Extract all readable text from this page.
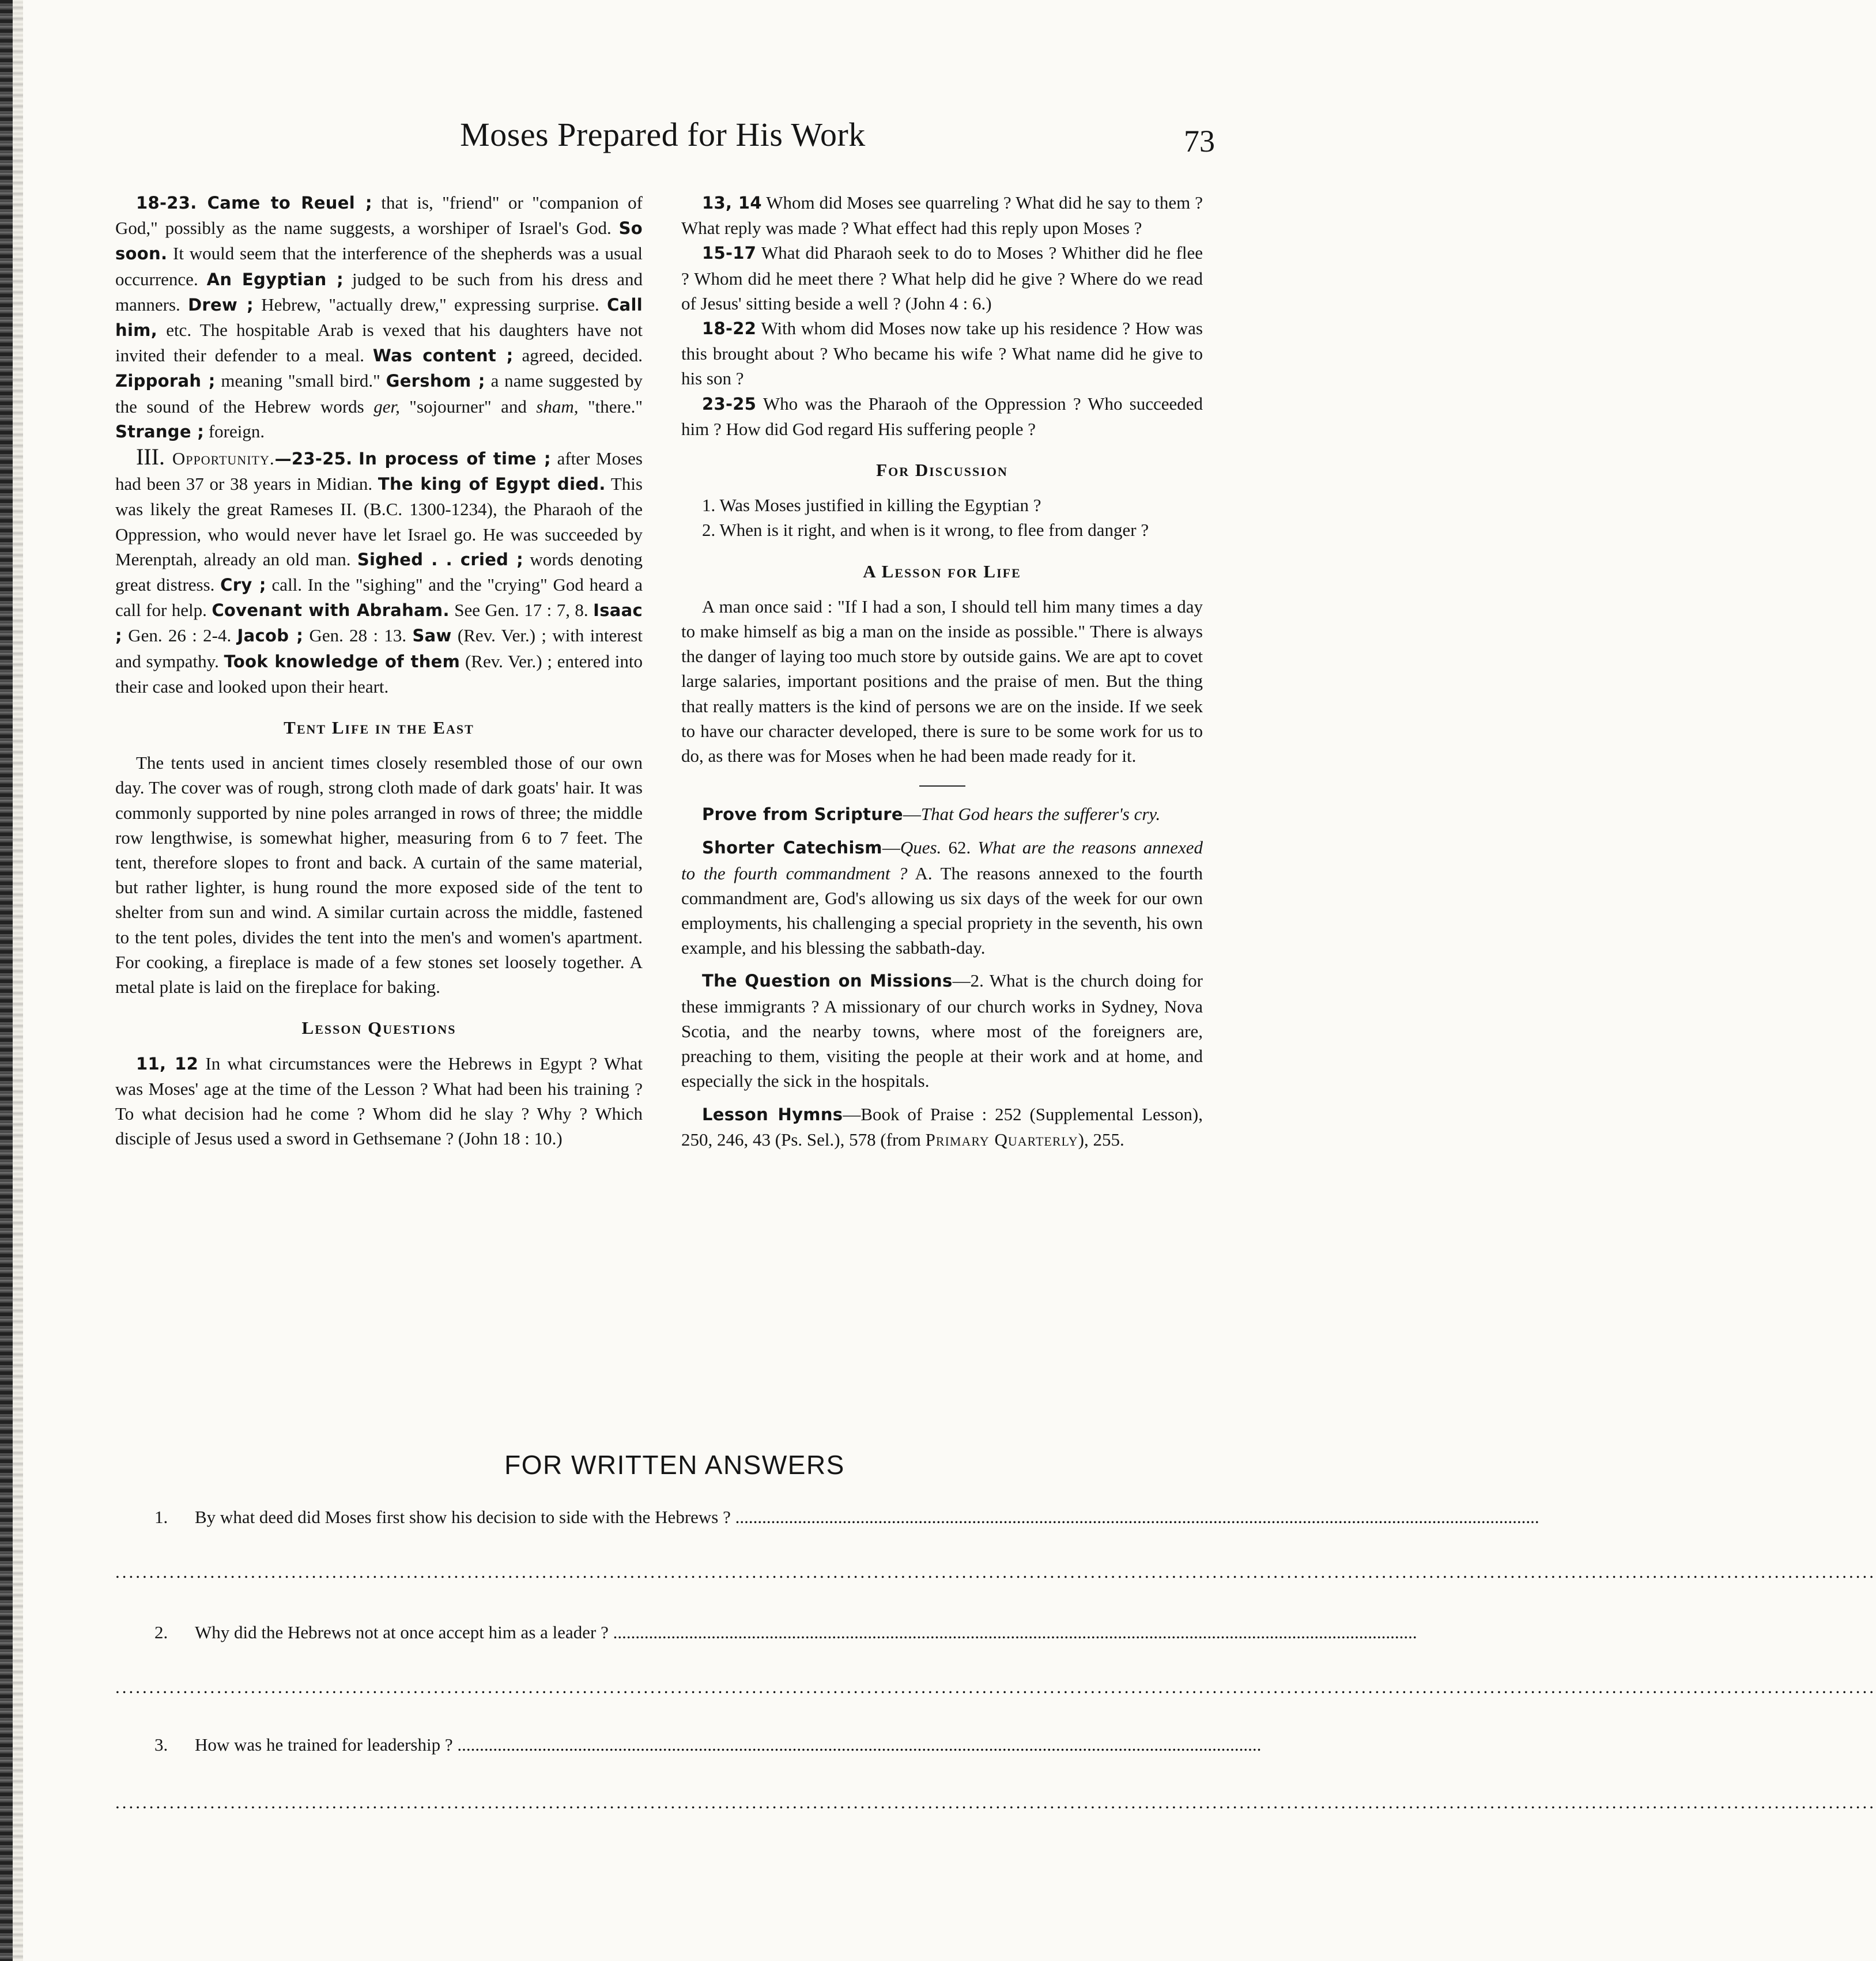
Moses Prepared for His Work	73

18-23. Came to Reuel ; that is, "friend" or "companion of God," possibly as the name suggests, a worshiper of Israel's God. So soon. It would seem that the interference of the shepherds was a usual occurrence. An Egyptian ; judged to be such from his dress and manners. Drew ; Hebrew, "actually drew," expressing surprise. Call him, etc. The hospitable Arab is vexed that his daughters have not invited their defender to a meal. Was content ; agreed, decided. Zipporah ; meaning "small bird." Gershom ; a name suggested by the sound of the Hebrew words ger, "sojourner" and sham, "there." Strange ; foreign.

III. Opportunity.—23-25. In process of time ; after Moses had been 37 or 38 years in Midian. The king of Egypt died. This was likely the great Rameses II. (B.C. 1300-1234), the Pharaoh of the Oppression, who would never have let Israel go. He was succeeded by Merenptah, already an old man. Sighed . . cried ; words denoting great distress. Cry ; call. In the "sighing" and the "crying" God heard a call for help. Covenant with Abraham. See Gen. 17 : 7, 8. Isaac ; Gen. 26 : 2-4. Jacob ; Gen. 28 : 13. Saw (Rev. Ver.) ; with interest and sympathy. Took knowledge of them (Rev. Ver.) ; entered into their case and looked upon their heart.

Tent Life in the East

The tents used in ancient times closely resembled those of our own day. The cover was of rough, strong cloth made of dark goats' hair. It was commonly supported by nine poles arranged in rows of three; the middle row lengthwise, is somewhat higher, measuring from 6 to 7 feet. The tent, therefore slopes to front and back. A curtain of the same material, but rather lighter, is hung round the more exposed side of the tent to shelter from sun and wind. A similar curtain across the middle, fastened to the tent poles, divides the tent into the men's and women's apartment. For cooking, a fireplace is made of a few stones set loosely together. A metal plate is laid on the fireplace for baking.

Lesson Questions

11, 12 In what circumstances were the Hebrews in Egypt ? What was Moses' age at the time of the Lesson ? What had been his training ? To what decision had he come ? Whom did he slay ? Why ? Which disciple of Jesus used a sword in Gethsemane ? (John 18 : 10.)

13, 14 Whom did Moses see quarreling ? What did he say to them ? What reply was made ? What effect had this reply upon Moses ?

15-17 What did Pharaoh seek to do to Moses ? Whither did he flee ? Whom did he meet there ? What help did he give ? Where do we read of Jesus' sitting beside a well ? (John 4 : 6.)

18-22 With whom did Moses now take up his residence ? How was this brought about ? Who became his wife ? What name did he give to his son ?

23-25 Who was the Pharaoh of the Oppression ? Who succeeded him ? How did God regard His suffering people ?

For Discussion

1. Was Moses justified in killing the Egyptian ?

2. When is it right, and when is it wrong, to flee from danger ?

A Lesson for Life

A man once said : "If I had a son, I should tell him many times a day to make himself as big a man on the inside as possible." There is always the danger of laying too much store by outside gains. We are apt to covet large salaries, important positions and the praise of men. But the thing that really matters is the kind of persons we are on the inside. If we seek to have our character developed, there is sure to be some work for us to do, as there was for Moses when he had been made ready for it.

Prove from Scripture—That God hears the sufferer's cry.

Shorter Catechism—Ques. 62. What are the reasons annexed to the fourth commandment ? A. The reasons annexed to the fourth commandment are, God's allowing us six days of the week for our own employments, his challenging a special propriety in the seventh, his own example, and his blessing the sabbath-day.

The Question on Missions—2. What is the church doing for these immigrants ? A missionary of our church works in Sydney, Nova Scotia, and the nearby towns, where most of the foreigners are, preaching to them, visiting the people at their work and at home, and especially the sick in the hospitals.

Lesson Hymns—Book of Praise : 252 (Supplemental Lesson), 250, 246, 43 (Ps. Sel.), 578 (from Primary Quarterly), 255.

FOR WRITTEN ANSWERS
1. By what deed did Moses first show his decision to side with the Hebrews ? ....................................................................................................................................................................................
....................................................................................................................................................................................................................................................................
2. Why did the Hebrews not at once accept him as a leader ? ....................................................................................................................................................................................
....................................................................................................................................................................................................................................................................
3. How was he trained for leadership ? ....................................................................................................................................................................................
....................................................................................................................................................................................................................................................................
